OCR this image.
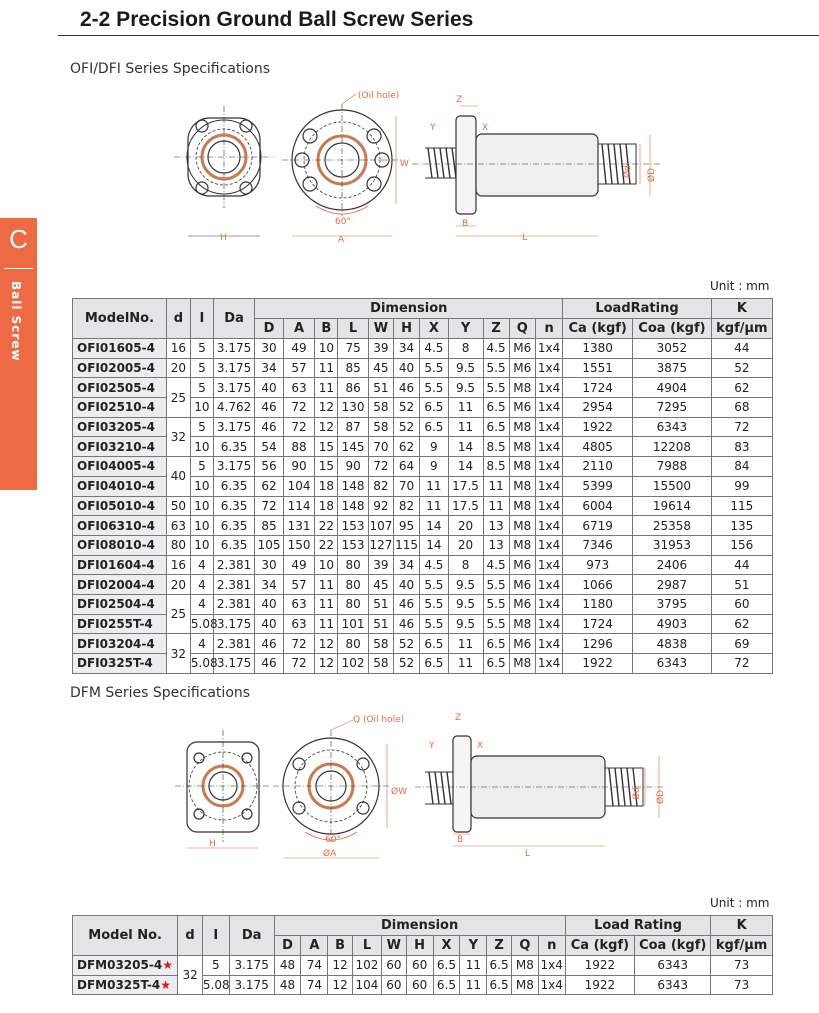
2-2 Precision Ground Ball Screw Series
C
Ball Screw
OFI/DFI Series Specifications
H
(Oil hole)
60°
A
W
Z
Y	X
B
L
Ød ØD
Unit : mm
ModelNo.	d	I	Da	Dimension											LoadRating		K
				D	A	B	L	W	H	X	Y	Z	Q	n	Ca (kgf)	Coa (kgf)	kgf/μm
OFI01605-4	16	5	3.175	30	49	10	75	39	34	4.5	8	4.5	M6	1x4	1380	3052	44
OFI02005-4	20	5	3.175	34	57	11	85	45	40	5.5	9.5	5.5	M6	1x4	1551	3875	52
OFI02505-4	25	5	3.175	40	63	11	86	51	46	5.5	9.5	5.5	M8	1x4	1724	4904	62
OFI02510-4		10	4.762	46	72	12	130	58	52	6.5	11	6.5	M6	1x4	2954	7295	68
OFI03205-4	32	5	3.175	46	72	12	87	58	52	6.5	11	6.5	M8	1x4	1922	6343	72
OFI03210-4		10	6.35	54	88	15	145	70	62	9	14	8.5	M8	1x4	4805	12208	83
OFI04005-4	40	5	3.175	56	90	15	90	72	64	9	14	8.5	M8	1x4	2110	7988	84
OFI04010-4		10	6.35	62	104	18	148	82	70	11	17.5	11	M8	1x4	5399	15500	99
OFI05010-4	50	10	6.35	72	114	18	148	92	82	11	17.5	11	M8	1x4	6004	19614	115
OFI06310-4	63	10	6.35	85	131	22	153	107	95	14	20	13	M8	1x4	6719	25358	135
OFI08010-4	80	10	6.35	105	150	22	153	127	115	14	20	13	M8	1x4	7346	31953	156
DFI01604-4	16	4	2.381	30	49	10	80	39	34	4.5	8	4.5	M6	1x4	973	2406	44
DFI02004-4	20	4	2.381	34	57	11	80	45	40	5.5	9.5	5.5	M6	1x4	1066	2987	51
DFI02504-4	25	4	2.381	40	63	11	80	51	46	5.5	9.5	5.5	M6	1x4	1180	3795	60
DFI0255T-4		5.08	3.175	40	63	11	101	51	46	5.5	9.5	5.5	M8	1x4	1724	4903	62
DFI03204-4	32	4	2.381	46	72	12	80	58	52	6.5	11	6.5	M6	1x4	1296	4838	69
DFI0325T-4		5.08	3.175	46	72	12	102	58	52	6.5	11	6.5	M8	1x4	1922	6343	72
DFM Series Specifications
H
Q (Oil hole)
60°
ØA
ØW
Z
Y	X
B
L
Ød ØD
Unit : mm
Model No.	d	I	Da	Dimension											Load Rating		K
				D	A	B	L	W	H	X	Y	Z	Q	n	Ca (kgf)	Coa (kgf)	kgf/μm
DFM03205-4★	32	5	3.175	48	74	12	102	60	60	6.5	11	6.5	M8	1x4	1922	6343	73
DFM0325T-4★		5.08	3.175	48	74	12	104	60	60	6.5	11	6.5	M8	1x4	1922	6343	73
